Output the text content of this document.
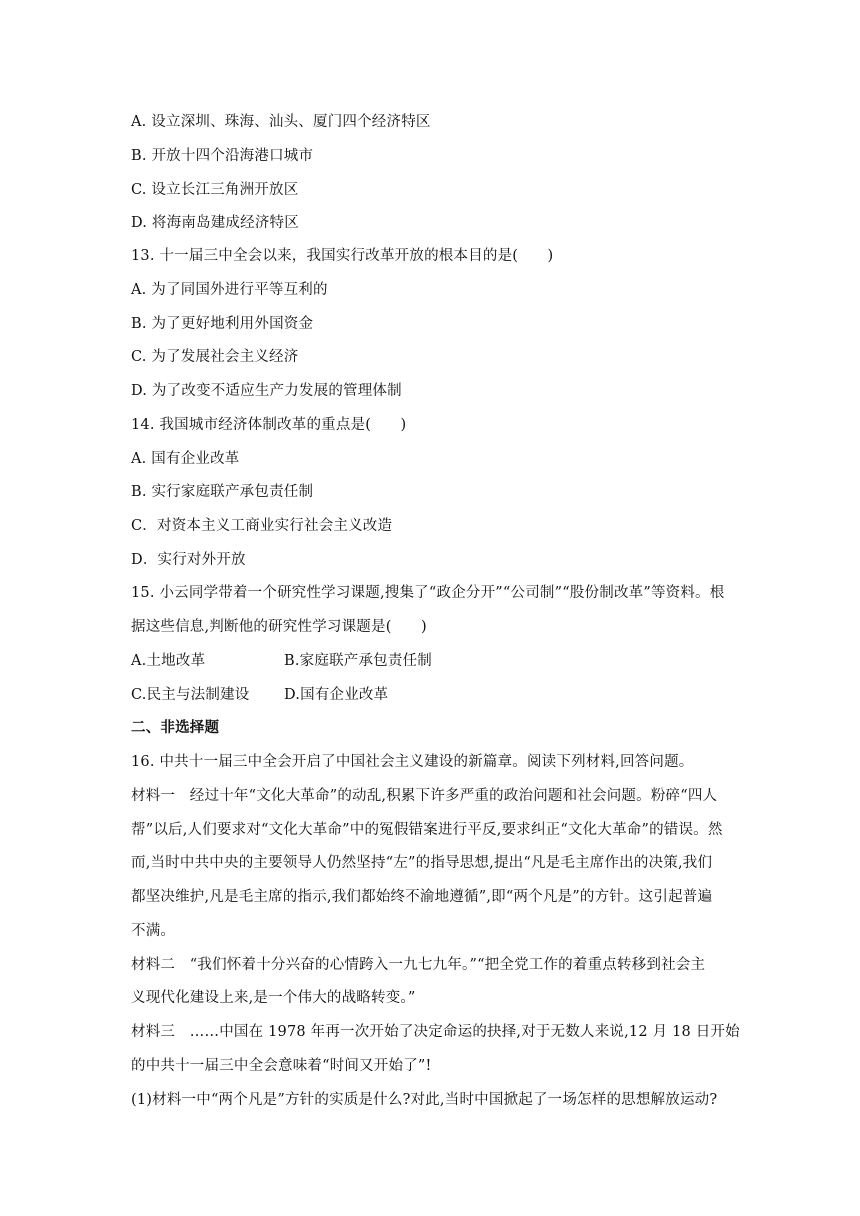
A. 设立深圳、珠海、汕头、厦门四个经济特区
B. 开放十四个沿海港口城市
C. 设立长江三角洲开放区
D. 将海南岛建成经济特区
13. 十一届三中全会以来，我国实行改革开放的根本目的是(　　)
A. 为了同国外进行平等互利的
B. 为了更好地利用外国资金
C. 为了发展社会主义经济
D. 为了改变不适应生产力发展的管理体制
14. 我国城市经济体制改革的重点是(　　)
A. 国有企业改革
B. 实行家庭联产承包责任制
C．对资本主义工商业实行社会主义改造
D．实行对外开放
15. 小云同学带着一个研究性学习课题,搜集了“政企分开”“公司制”“股份制改革”等资料。根
据这些信息,判断他的研究性学习课题是(　　)
A.土地改革	B.家庭联产承包责任制
C.民主与法制建设 D.国有企业改革
二、非选择题
16. 中共十一届三中全会开启了中国社会主义建设的新篇章。阅读下列材料,回答问题。
材料一　经过十年“文化大革命”的动乱,积累下许多严重的政治问题和社会问题。粉碎“四人
帮”以后,人们要求对“文化大革命”中的冤假错案进行平反,要求纠正“文化大革命”的错误。然
而,当时中共中央的主要领导人仍然坚持“左”的指导思想,提出“凡是毛主席作出的决策,我们
都坚决维护,凡是毛主席的指示,我们都始终不渝地遵循”,即“两个凡是”的方针。这引起普遍
不满。
材料二　“我们怀着十分兴奋的心情跨入一九七九年。”“把全党工作的着重点转移到社会主
义现代化建设上来,是一个伟大的战略转变。”
材料三　……中国在 1978 年再一次开始了决定命运的抉择,对于无数人来说,12 月 18 日开始
的中共十一届三中全会意味着“时间又开始了”!
(1)材料一中“两个凡是”方针的实质是什么?对此,当时中国掀起了一场怎样的思想解放运动?
